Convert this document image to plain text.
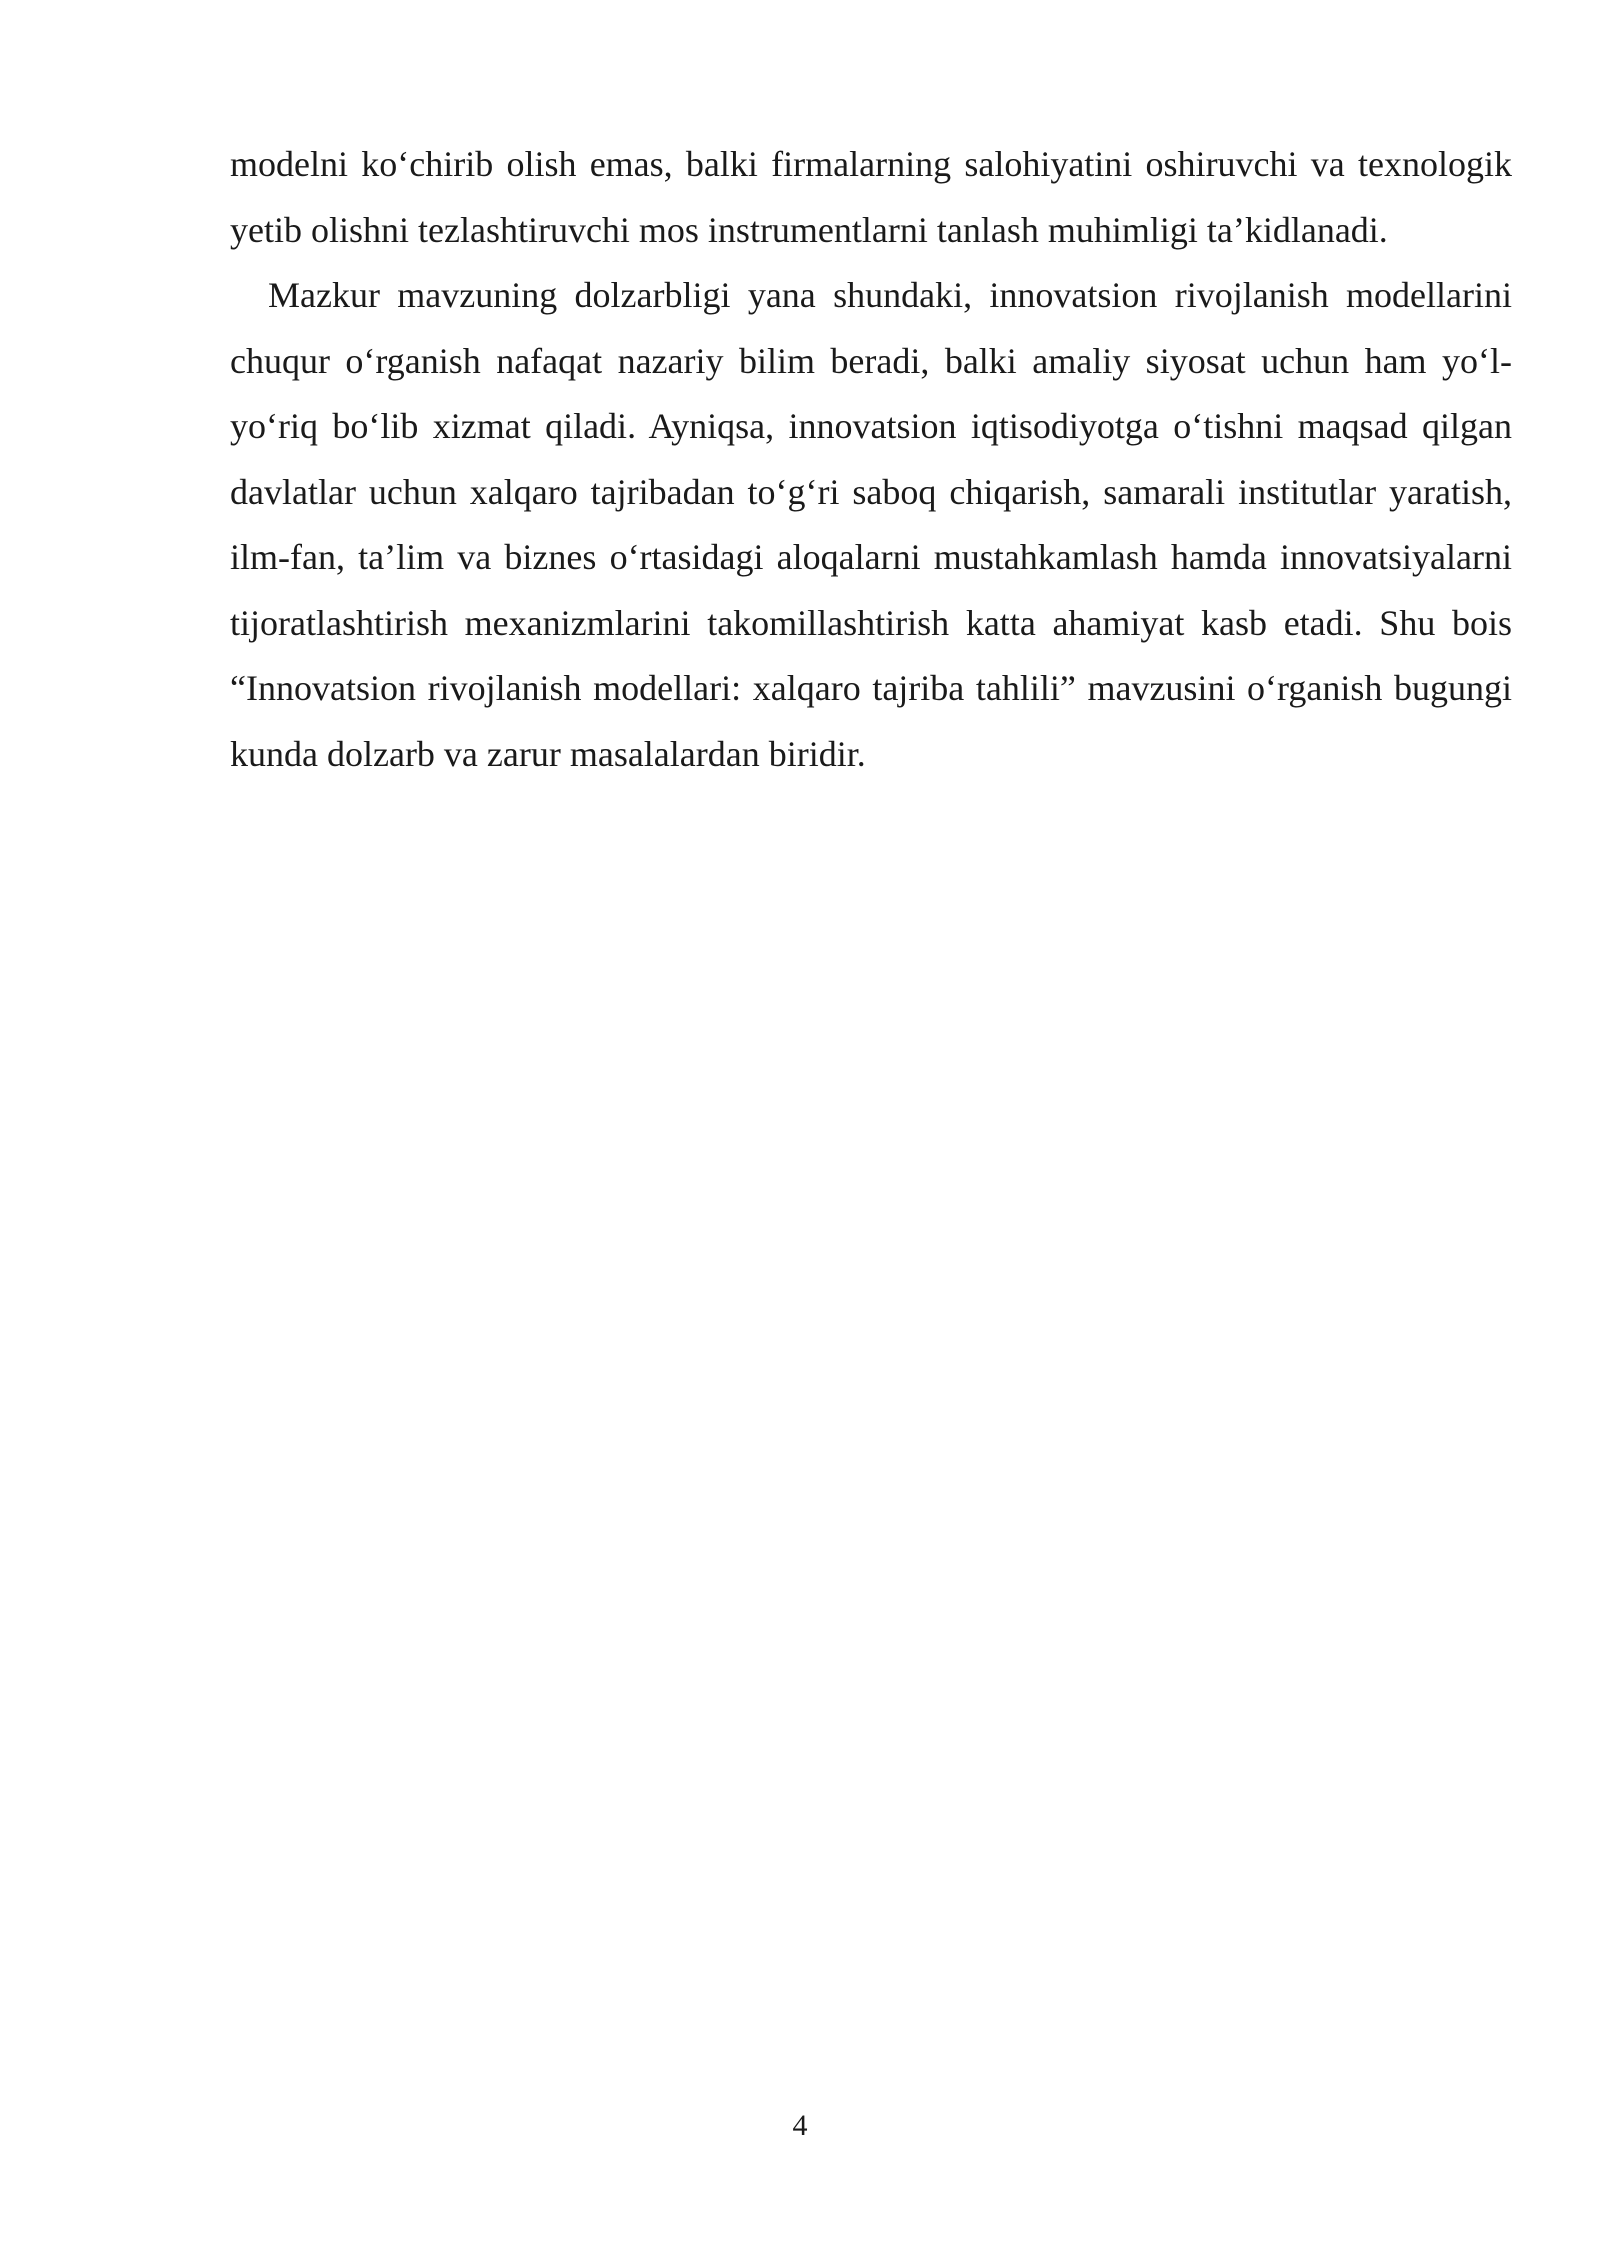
modelni ko‘chirib olish emas, balki firmalarning salohiyatini oshiruvchi va texnologik yetib olishni tezlashtiruvchi mos instrumentlarni tanlash muhimligi ta’kidlanadi.

Mazkur mavzuning dolzarbligi yana shundaki, innovatsion rivojlanish modellarini chuqur o‘rganish nafaqat nazariy bilim beradi, balki amaliy siyosat uchun ham yo‘l-yo‘riq bo‘lib xizmat qiladi. Ayniqsa, innovatsion iqtisodiyotga o‘tishni maqsad qilgan davlatlar uchun xalqaro tajribadan to‘g‘ri saboq chiqarish, samarali institutlar yaratish, ilm-fan, ta’lim va biznes o‘rtasidagi aloqalarni mustahkamlash hamda innovatsiyalarni tijoratlashtirish mexanizmlarini takomillashtirish katta ahamiyat kasb etadi. Shu bois “Innovatsion rivojlanish modellari: xalqaro tajriba tahlili” mavzusini o‘rganish bugungi kunda dolzarb va zarur masalalardan biridir.

4
